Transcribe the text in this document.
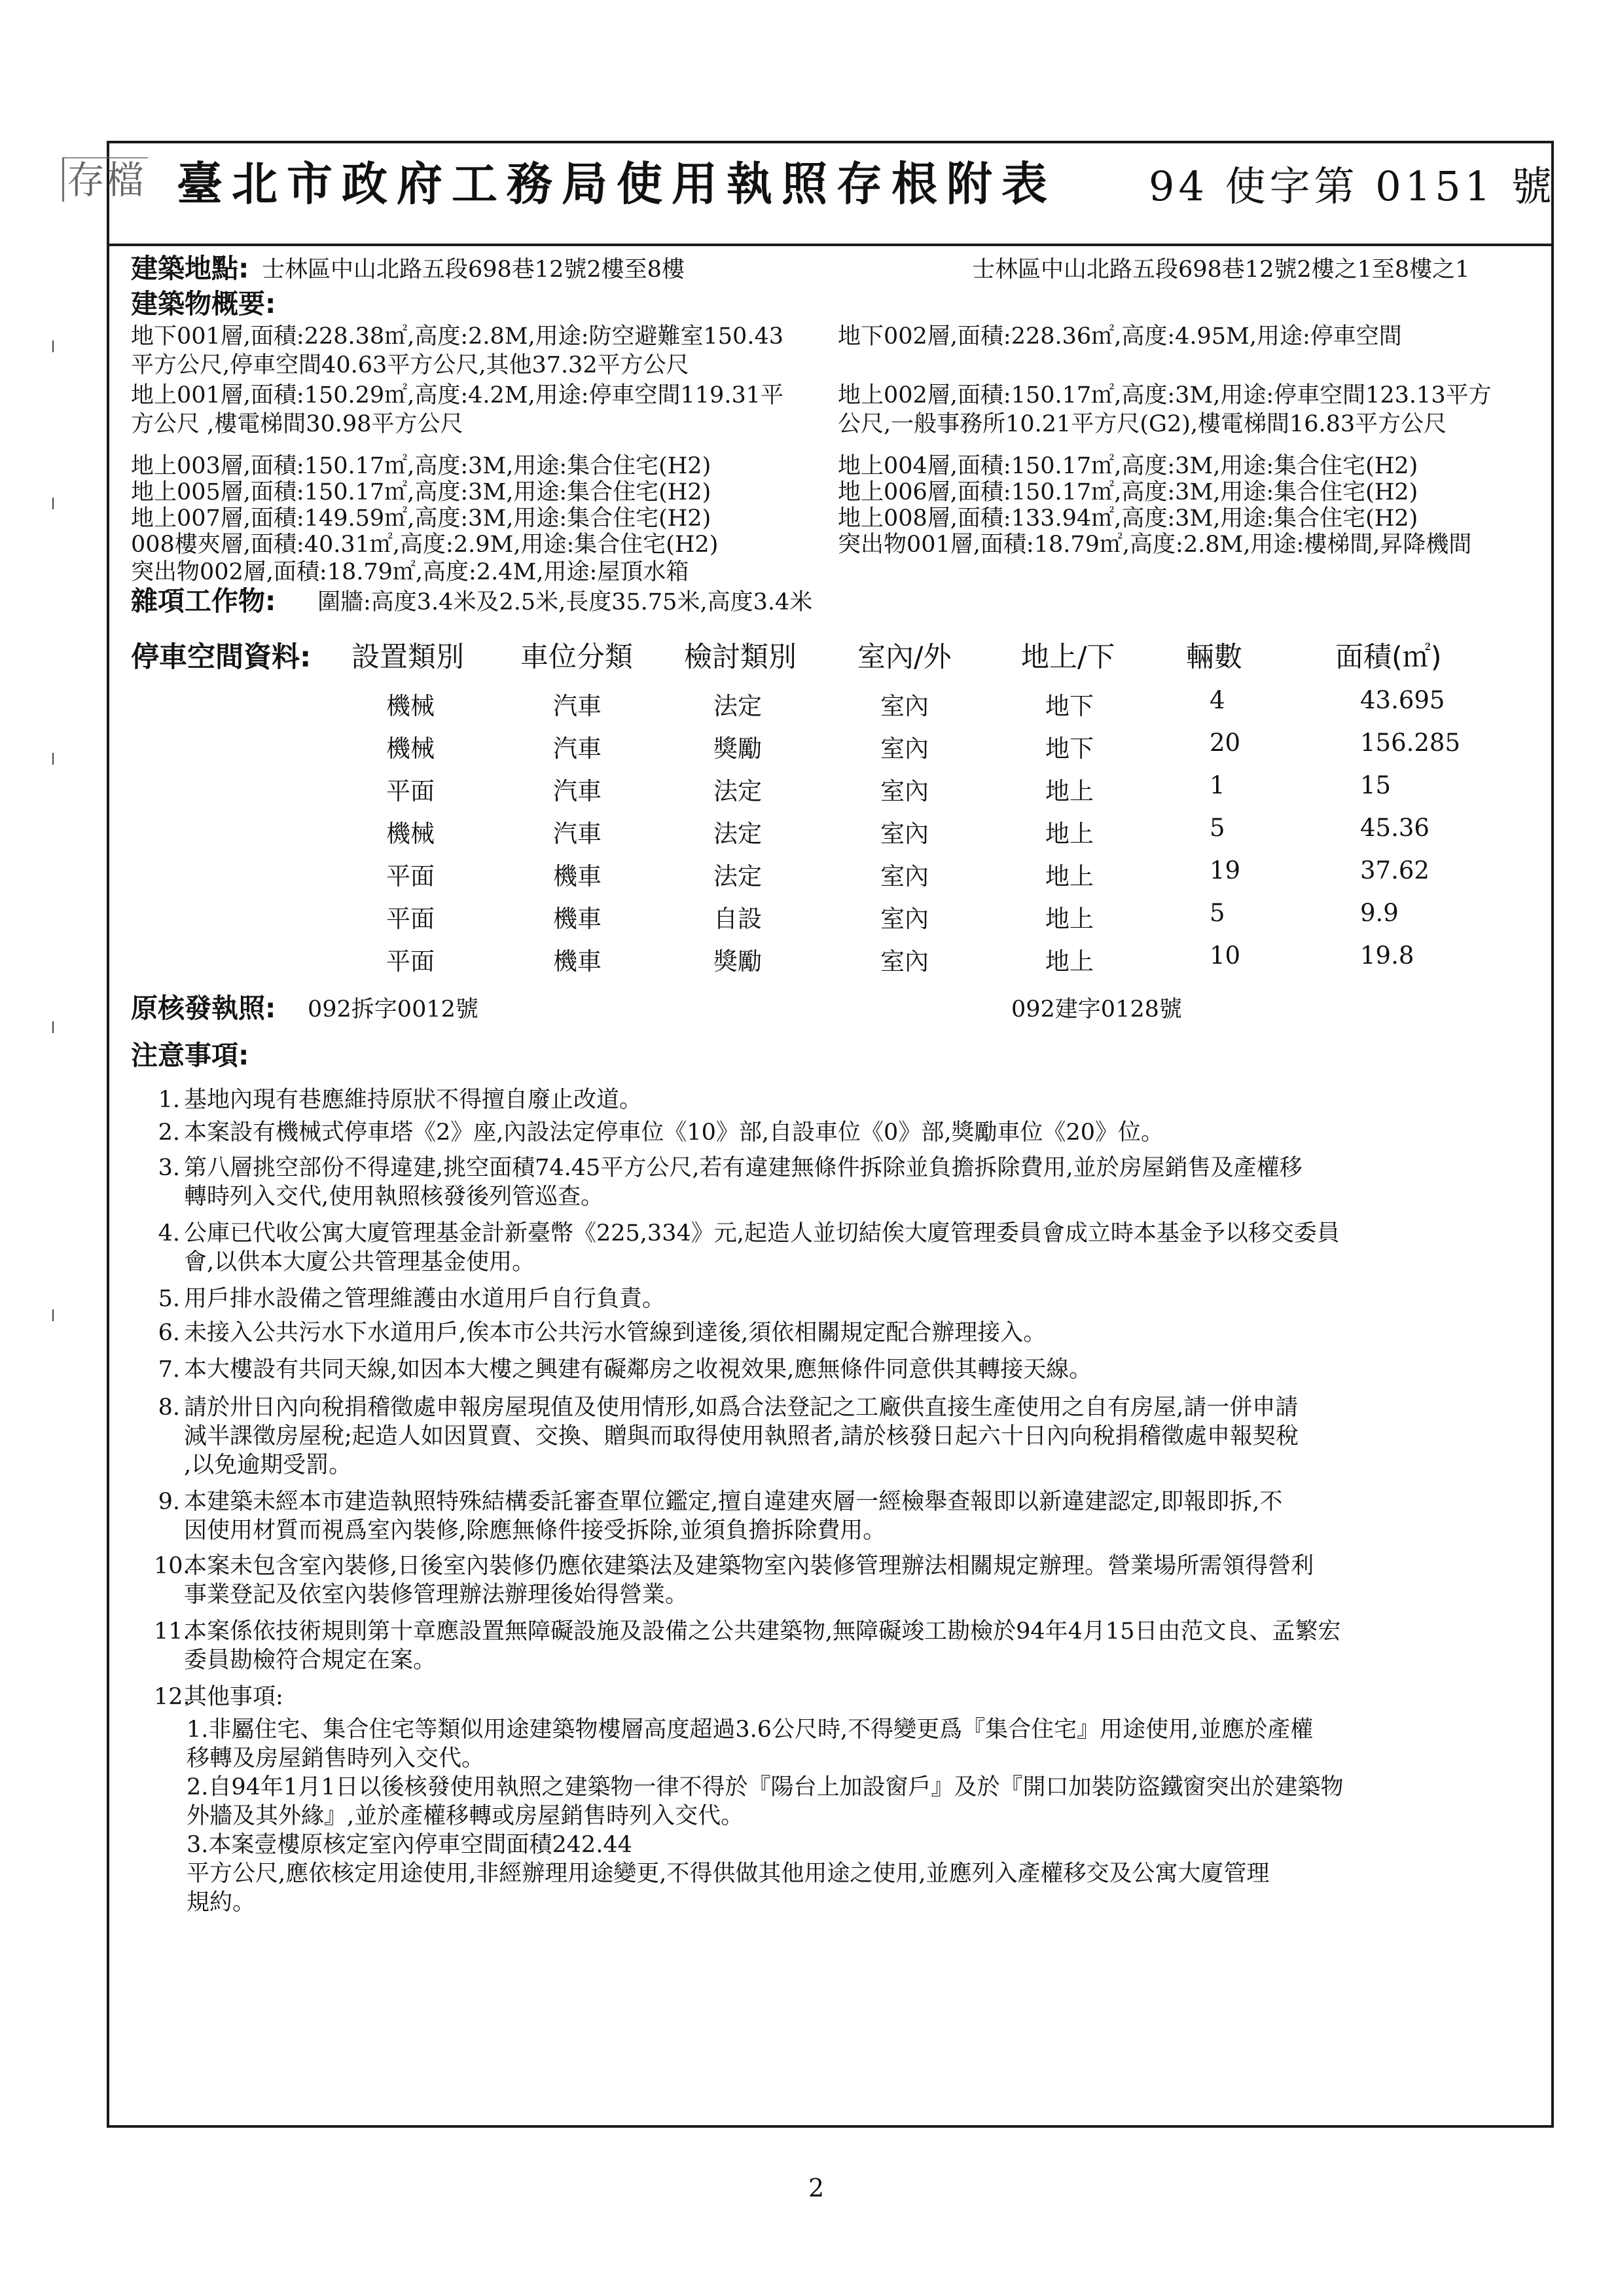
存檔 臺北市政府工務局使用執照存根附表 94 使字第 0151 號
建築地點: 士林區中山北路五段698巷12號2樓至8樓	士林區中山北路五段698巷12號2樓之1至8樓之1
建築物概要:
地下001層,面積:228.38㎡,高度:2.8M,用途:防空避難室150.43
平方公尺,停車空間40.63平方公尺,其他37.32平方公尺
地上001層,面積:150.29㎡,高度:4.2M,用途:停車空間119.31平
方公尺 ,樓電梯間30.98平方公尺
地上003層,面積:150.17㎡,高度:3M,用途:集合住宅(H2)
地上005層,面積:150.17㎡,高度:3M,用途:集合住宅(H2)
地上007層,面積:149.59㎡,高度:3M,用途:集合住宅(H2)
008樓夾層,面積:40.31㎡,高度:2.9M,用途:集合住宅(H2)
突出物002層,面積:18.79㎡,高度:2.4M,用途:屋頂水箱
地下002層,面積:228.36㎡,高度:4.95M,用途:停車空間
地上002層,面積:150.17㎡,高度:3M,用途:停車空間123.13平方
公尺,一般事務所10.21平方尺(G2),樓電梯間16.83平方公尺
地上004層,面積:150.17㎡,高度:3M,用途:集合住宅(H2)
地上006層,面積:150.17㎡,高度:3M,用途:集合住宅(H2)
地上008層,面積:133.94㎡,高度:3M,用途:集合住宅(H2)
突出物001層,面積:18.79㎡,高度:2.8M,用途:樓梯間,昇降機間
雜項工作物: 圍牆:高度3.4米及2.5米,長度35.75米,高度3.4米
停車空間資料: 設置類別 車位分類 檢討類別 室內/外 地上/下	輛數	面積(㎡)
機械	汽車	法定	室內	地下	4	43.695
機械	汽車	獎勵	室內	地下	20	156.285
平面	汽車	法定	室內	地上	1	15
機械	汽車	法定	室內	地上	5	45.36
平面	機車	法定	室內	地上	19	37.62
平面	機車	自設	室內	地上	5	9.9
平面	機車	獎勵	室內	地上	10	19.8
原核發執照: 092拆字0012號	092建字0128號
注意事項:
1. 基地內現有巷應維持原狀不得擅自廢止改道。
2. 本案設有機械式停車塔《2》座,內設法定停車位《10》部,自設車位《0》部,獎勵車位《20》位。
3. 第八層挑空部份不得違建,挑空面積74.45平方公尺,若有違建無條件拆除並負擔拆除費用,並於房屋銷售及產權移
轉時列入交代,使用執照核發後列管巡查。
4. 公庫已代收公寓大廈管理基金計新臺幣《225,334》元,起造人並切結俟大廈管理委員會成立時本基金予以移交委員
會,以供本大廈公共管理基金使用。
5. 用戶排水設備之管理維護由水道用戶自行負責。
6. 未接入公共污水下水道用戶,俟本市公共污水管線到達後,須依相關規定配合辦理接入。
7. 本大樓設有共同天線,如因本大樓之興建有礙鄰房之收視效果,應無條件同意供其轉接天線。
8. 請於卅日內向稅捐稽徵處申報房屋現值及使用情形,如爲合法登記之工廠供直接生產使用之自有房屋,請一併申請
減半課徵房屋稅;起造人如因買賣、交換、贈與而取得使用執照者,請於核發日起六十日內向稅捐稽徵處申報契稅
,以免逾期受罰。
9. 本建築未經本市建造執照特殊結構委託審查單位鑑定,擅自違建夾層一經檢舉查報即以新違建認定,即報即拆,不
因使用材質而視爲室內裝修,除應無條件接受拆除,並須負擔拆除費用。
10.本案未包含室內裝修,日後室內裝修仍應依建築法及建築物室內裝修管理辦法相關規定辦理。營業場所需領得營利
事業登記及依室內裝修管理辦法辦理後始得營業。
11.本案係依技術規則第十章應設置無障礙設施及設備之公共建築物,無障礙竣工勘檢於94年4月15日由范文良、孟繁宏
委員勘檢符合規定在案。
12.其他事項:
1.非屬住宅、集合住宅等類似用途建築物樓層高度超過3.6公尺時,不得變更爲『集合住宅』用途使用,並應於產權
移轉及房屋銷售時列入交代。
2.自94年1月1日以後核發使用執照之建築物一律不得於『陽台上加設窗戶』及於『開口加裝防盜鐵窗突出於建築物
外牆及其外緣』,並於產權移轉或房屋銷售時列入交代。
3.本案壹樓原核定室內停車空間面積242.44
平方公尺,應依核定用途使用,非經辦理用途變更,不得供做其他用途之使用,並應列入產權移交及公寓大廈管理
規約。
2
